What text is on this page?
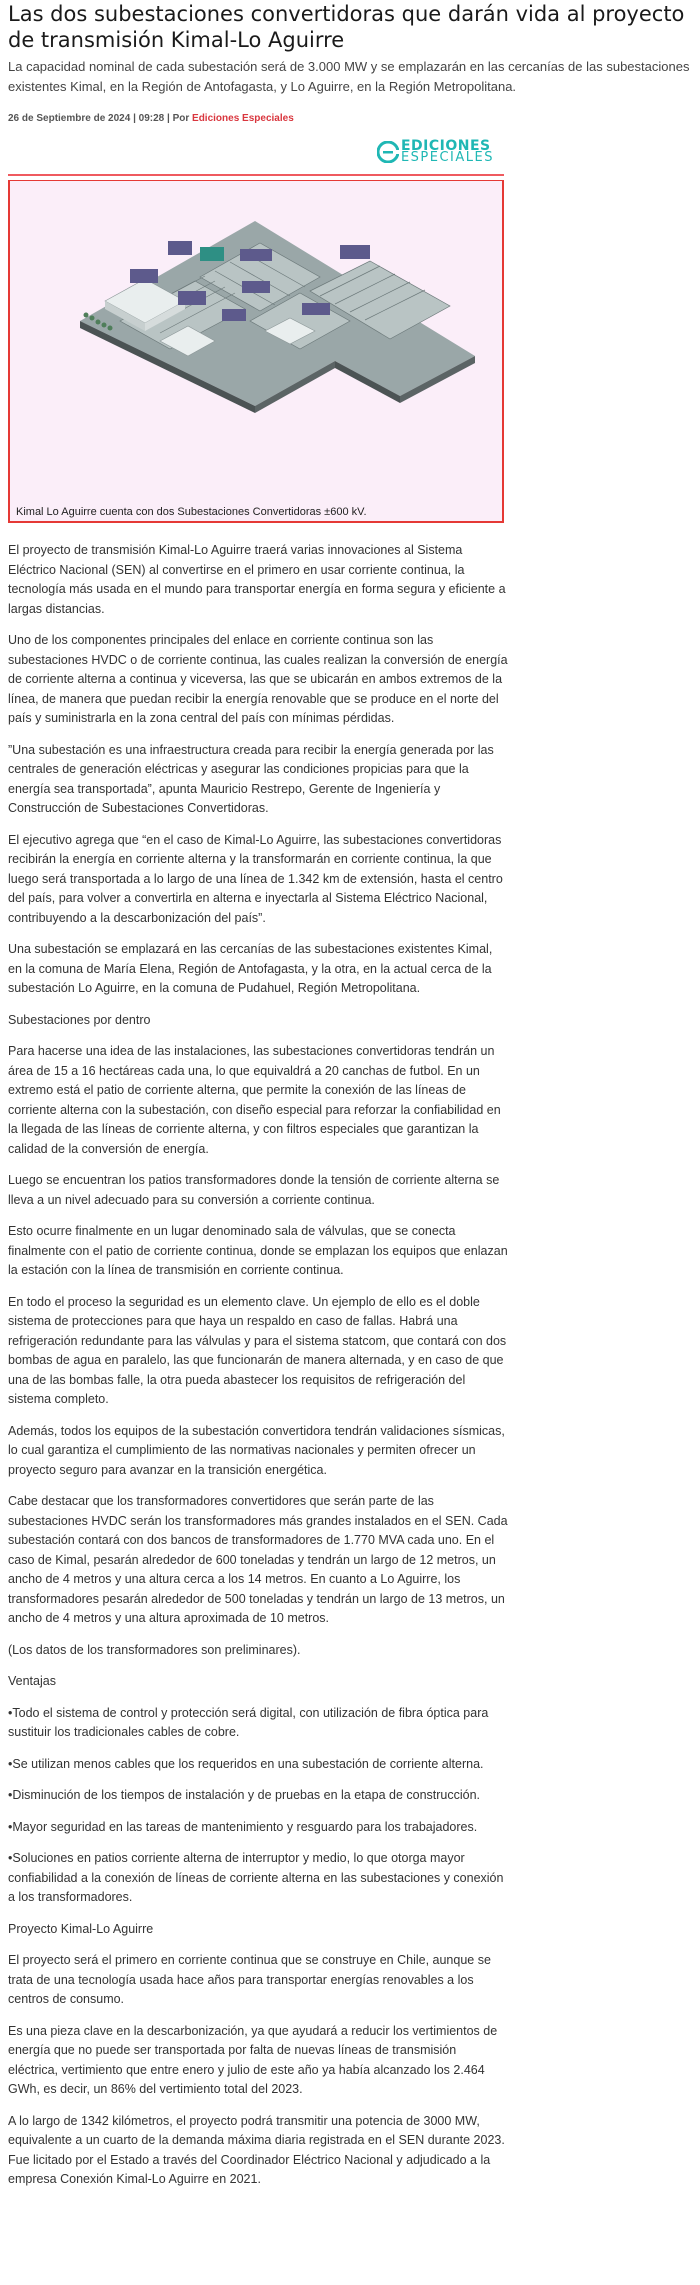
Las dos subestaciones convertidoras que darán vida al proyecto de transmisión Kimal-Lo Aguirre

La capacidad nominal de cada subestación será de 3.000 MW y se emplazarán en las cercanías de las subestaciones existentes Kimal, en la Región de Antofagasta, y Lo Aguirre, en la Región Metropolitana.

26 de Septiembre de 2024 | 09:28 | Por Ediciones Especiales
EDICIONES
ESPECIALES
Kimal Lo Aguirre cuenta con dos Subestaciones Convertidoras ±600 kV.

El proyecto de transmisión Kimal-Lo Aguirre traerá varias innovaciones al Sistema Eléctrico Nacional (SEN) al convertirse en el primero en usar corriente continua, la tecnología más usada en el mundo para transportar energía en forma segura y eficiente a largas distancias.

Uno de los componentes principales del enlace en corriente continua son las subestaciones HVDC o de corriente continua, las cuales realizan la conversión de energía de corriente alterna a continua y viceversa, las que se ubicarán en ambos extremos de la línea, de manera que puedan recibir la energía renovable que se produce en el norte del país y suministrarla en la zona central del país con mínimas pérdidas.

”Una subestación es una infraestructura creada para recibir la energía generada por las centrales de generación eléctricas y asegurar las condiciones propicias para que la energía sea transportada”, apunta Mauricio Restrepo, Gerente de Ingeniería y Construcción de Subestaciones Convertidoras.

El ejecutivo agrega que “en el caso de Kimal-Lo Aguirre, las subestaciones convertidoras recibirán la energía en corriente alterna y la transformarán en corriente continua, la que luego será transportada a lo largo de una línea de 1.342 km de extensión, hasta el centro del país, para volver a convertirla en alterna e inyectarla al Sistema Eléctrico Nacional, contribuyendo a la descarbonización del país”.

Una subestación se emplazará en las cercanías de las subestaciones existentes Kimal, en la comuna de María Elena, Región de Antofagasta, y la otra, en la actual cerca de la subestación Lo Aguirre, en la comuna de Pudahuel, Región Metropolitana.

Subestaciones por dentro

Para hacerse una idea de las instalaciones, las subestaciones convertidoras tendrán un área de 15 a 16 hectáreas cada una, lo que equivaldrá a 20 canchas de futbol. En un extremo está el patio de corriente alterna, que permite la conexión de las líneas de corriente alterna con la subestación, con diseño especial para reforzar la confiabilidad en la llegada de las líneas de corriente alterna, y con filtros especiales que garantizan la calidad de la conversión de energía.

Luego se encuentran los patios transformadores donde la tensión de corriente alterna se lleva a un nivel adecuado para su conversión a corriente continua.

Esto ocurre finalmente en un lugar denominado sala de válvulas, que se conecta finalmente con el patio de corriente continua, donde se emplazan los equipos que enlazan la estación con la línea de transmisión en corriente continua.

En todo el proceso la seguridad es un elemento clave. Un ejemplo de ello es el doble sistema de protecciones para que haya un respaldo en caso de fallas. Habrá una refrigeración redundante para las válvulas y para el sistema statcom, que contará con dos bombas de agua en paralelo, las que funcionarán de manera alternada, y en caso de que una de las bombas falle, la otra pueda abastecer los requisitos de refrigeración del sistema completo.

Además, todos los equipos de la subestación convertidora tendrán validaciones sísmicas, lo cual garantiza el cumplimiento de las normativas nacionales y permiten ofrecer un proyecto seguro para avanzar en la transición energética.

Cabe destacar que los transformadores convertidores que serán parte de las subestaciones HVDC serán los transformadores más grandes instalados en el SEN. Cada subestación contará con dos bancos de transformadores de 1.770 MVA cada uno. En el caso de Kimal, pesarán alrededor de 600 toneladas y tendrán un largo de 12 metros, un ancho de 4 metros y una altura cerca a los 14 metros. En cuanto a Lo Aguirre, los transformadores pesarán alrededor de 500 toneladas y tendrán un largo de 13 metros, un ancho de 4 metros y una altura aproximada de 10 metros.

(Los datos de los transformadores son preliminares).

Ventajas

•Todo el sistema de control y protección será digital, con utilización de fibra óptica para sustituir los tradicionales cables de cobre.

•Se utilizan menos cables que los requeridos en una subestación de corriente alterna.

•Disminución de los tiempos de instalación y de pruebas en la etapa de construcción.

•Mayor seguridad en las tareas de mantenimiento y resguardo para los trabajadores.

•Soluciones en patios corriente alterna de interruptor y medio, lo que otorga mayor confiabilidad a la conexión de líneas de corriente alterna en las subestaciones y conexión a los transformadores.

Proyecto Kimal-Lo Aguirre

El proyecto será el primero en corriente continua que se construye en Chile, aunque se trata de una tecnología usada hace años para transportar energías renovables a los centros de consumo.

Es una pieza clave en la descarbonización, ya que ayudará a reducir los vertimientos de energía que no puede ser transportada por falta de nuevas líneas de transmisión eléctrica, vertimiento que entre enero y julio de este año ya había alcanzado los 2.464 GWh, es decir, un 86% del vertimiento total del 2023.

A lo largo de 1342 kilómetros, el proyecto podrá transmitir una potencia de 3000 MW, equivalente a un cuarto de la demanda máxima diaria registrada en el SEN durante 2023. Fue licitado por el Estado a través del Coordinador Eléctrico Nacional y adjudicado a la empresa Conexión Kimal-Lo Aguirre en 2021.
